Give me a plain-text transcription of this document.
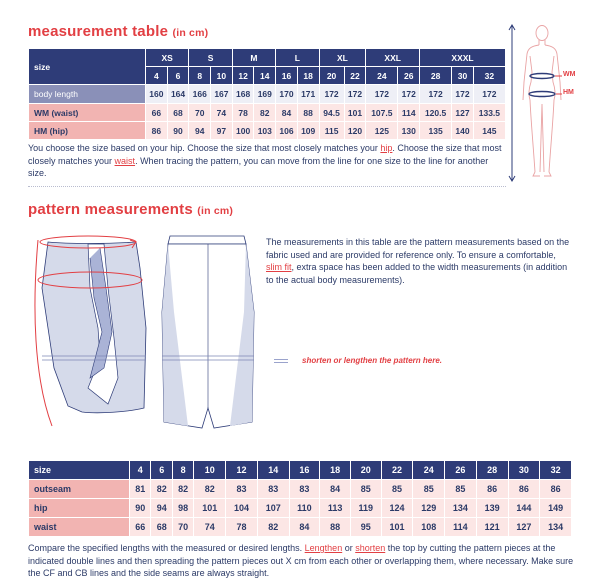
measurement table (in cm)
size	XS		S		M		L		XL		XXL		XXXL		
	4	6	8	10	12	14	16	18	20	22	24	26	28	30	32
body length	160	164	166	167	168	169	170	171	172	172	172	172	172	172	172
WM (waist)	66	68	70	74	78	82	84	88	94.5	101	107.5	114	120.5	127	133.5
HM (hip)	86	90	94	97	100	103	106	109	115	120	125	130	135	140	145
You choose the size based on your hip. Choose the size that most closely matches your hip. Choose the size that most closely matches your waist. When tracing the pattern, you can move from the line for one size to the line for another size.
WM
HM
pattern measurements (in cm)
shorten or lengthen the pattern here.
The measurements in this table are the pattern measurements based on the fabric used and are provided for reference only. To ensure a comfortable, slim fit, extra space has been added to the width measurements (in addition to the actual body measurements).
size	4	6	8	10	12	14	16	18	20	22	24	26	28	30	32
outseam	81	82	82	82	83	83	83	84	85	85	85	85	86	86	86
hip	90	94	98	101	104	107	110	113	119	124	129	134	139	144	149
waist	66	68	70	74	78	82	84	88	95	101	108	114	121	127	134
Compare the specified lengths with the measured or desired lengths. Lengthen or shorten the top by cutting the pattern pieces at the indicated double lines and then spreading the pattern pieces out X cm from each other or overlapping them, where necessary. Make sure the CF and CB lines and the side seams are always straight.
